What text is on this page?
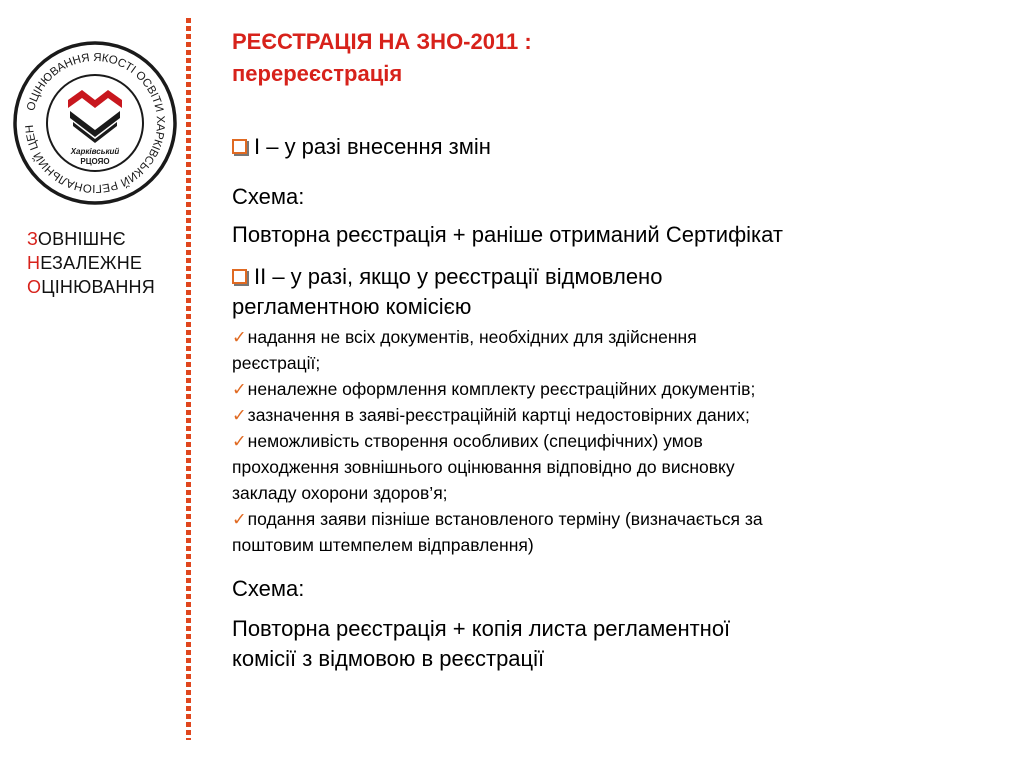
ОЦІНЮВАННЯ ЯКОСТІ ОСВІТИ ХАРКІВСЬКИЙ РЕГІОНАЛЬНИЙ ЦЕН
Харківський
РЦОЯО
ЗОВНІШНЄ
НЕЗАЛЕЖНЕ
ОЦІНЮВАННЯ
РЕЄСТРАЦІЯ НА ЗНО-2011 :
перереєстрація

І – у разі внесення змін

Схема:

Повторна реєстрація + раніше отриманий Сертифікат

ІІ – у разі, якщо у реєстрації відмовлено

регламентною комісією

✓надання не всіх документів, необхідних для здійснення

реєстрації;

✓неналежне оформлення комплекту реєстраційних документів;

✓зазначення в заяві-реєстраційній картці недостовірних даних;

✓неможливість створення особливих (специфічних) умов

проходження зовнішнього оцінювання відповідно до висновку

закладу охорони здоров’я;

✓подання заяви пізніше встановленого терміну (визначається за

поштовим штемпелем відправлення)

Схема:

Повторна реєстрація + копія листа регламентної

комісії з відмовою в реєстрації
